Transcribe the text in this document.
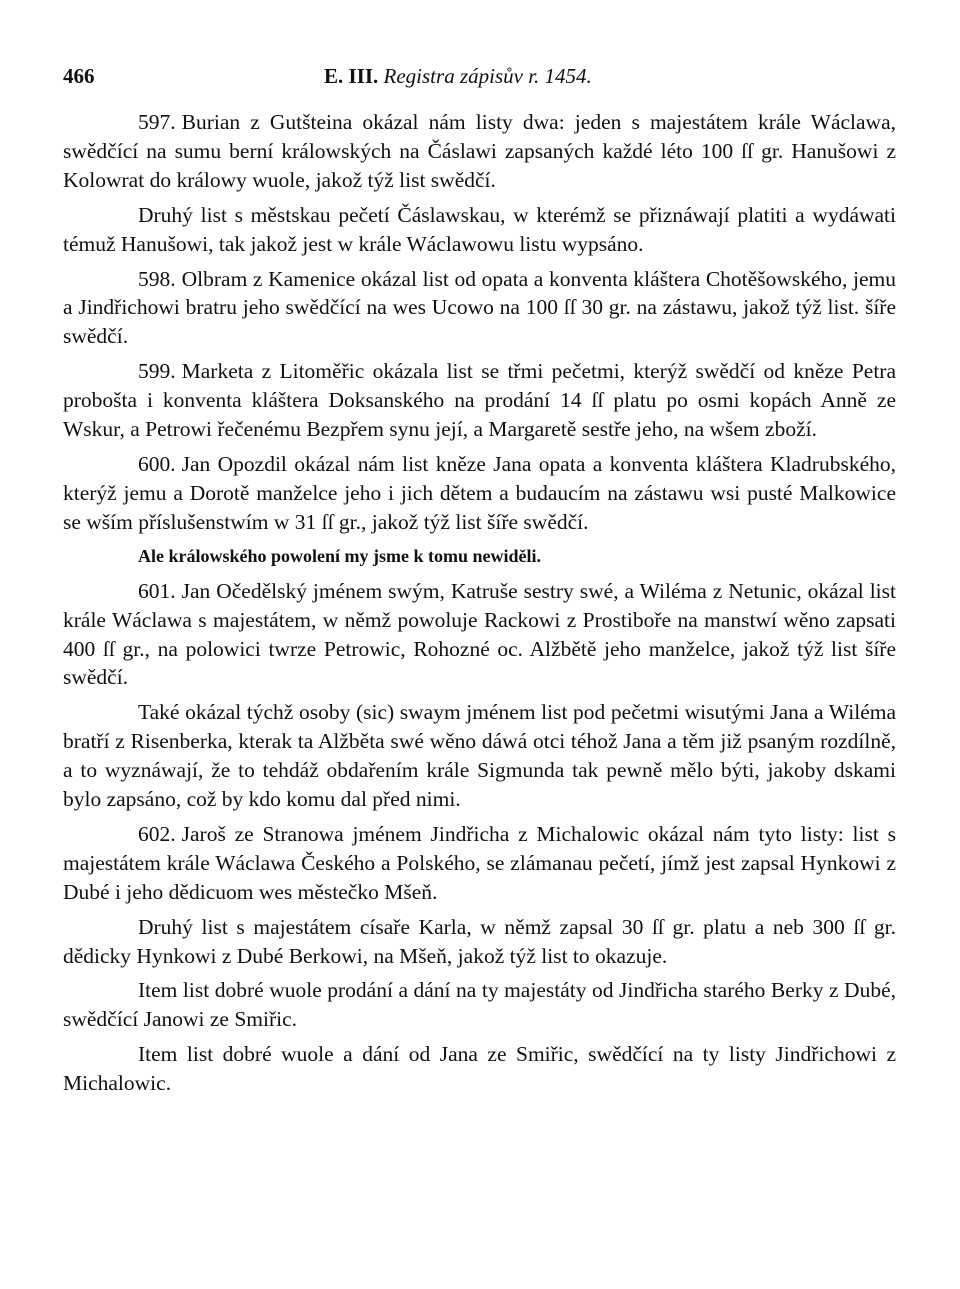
466	E. III. Registra zápisův r. 1454.

597. Burian z Gutšteina okázal nám listy dwa: jeden s majestátem krále Wáclawa, swědčící na sumu berní králowských na Čáslawi zapsaných každé léto 100 ſſ gr. Hanušowi z Kolowrat do králowy wuole, jakož týž list swědčí.

Druhý list s městskau pečetí Čáslawskau, w kterémž se přiznáwají platiti a wydáwati témuž Hanušowi, tak jakož jest w krále Wáclawowu listu wypsáno.

598. Olbram z Kamenice okázal list od opata a konventa kláštera Chotěšowského, jemu a Jindřichowi bratru jeho swědčící na wes Ucowo na 100 ſſ 30 gr. na zástawu, jakož týž list. šíře swědčí.

599. Marketa z Litoměřic okázala list se třmi pečetmi, kterýž swědčí od kněze Petra probošta i konventa kláštera Doksanského na prodání 14 ſſ platu po osmi kopách Anně ze Wskur, a Petrowi řečenému Bezpřem synu její, a Margaretě sestře jeho, na wšem zboží.

600. Jan Opozdil okázal nám list kněze Jana opata a konventa kláštera Kladrubského, kterýž jemu a Dorotě manželce jeho i jich dětem a budaucím na zástawu wsi pusté Malkowice se wším příslušenstwím w 31 ſſ gr., jakož týž list šíře swědčí.

Ale králowského powolení my jsme k tomu newiděli.

601. Jan Očedělský jménem swým, Katruše sestry swé, a Wiléma z Netunic, okázal list krále Wáclawa s majestátem, w němž powoluje Rackowi z Prostiboře na manstwí wěno zapsati 400 ſſ gr., na polowici twrze Petrowic, Rohozné oc. Alžbětě jeho manželce, jakož týž list šíře swědčí.

Také okázal týchž osoby (sic) swaym jménem list pod pečetmi wisutými Jana a Wiléma bratří z Risenberka, kterak ta Alžběta swé wěno dáwá otci téhož Jana a těm již psaným rozdílně, a to wyznáwají, že to tehdáž obdařením krále Sigmunda tak pewně mělo býti, jakoby dskami bylo zapsáno, což by kdo komu dal před nimi.

602. Jaroš ze Stranowa jménem Jindřicha z Michalowic okázal nám tyto listy: list s majestátem krále Wáclawa Českého a Polského, se zlámanau pečetí, jímž jest zapsal Hynkowi z Dubé i jeho dědicuom wes městečko Mšeň.

Druhý list s majestátem císaře Karla, w němž zapsal 30 ſſ gr. platu a neb 300 ſſ gr. dědicky Hynkowi z Dubé Berkowi, na Mšeň, jakož týž list to okazuje.

Item list dobré wuole prodání a dání na ty majestáty od Jindřicha starého Berky z Dubé, swědčící Janowi ze Smiřic.

Item list dobré wuole a dání od Jana ze Smiřic, swědčící na ty listy Jindřichowi z Michalowic.
